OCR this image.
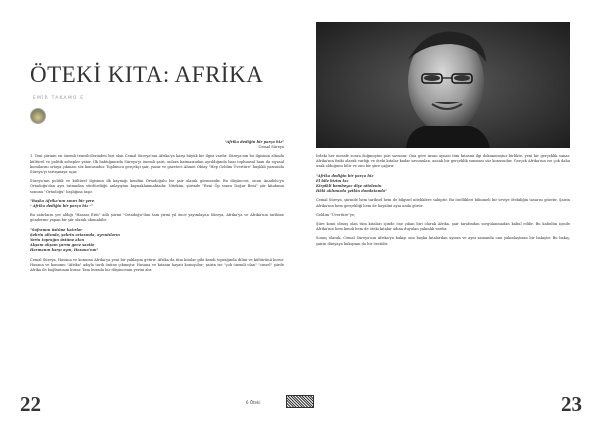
ÖTEKİ KITA: AFRİKA
EMİR TAKAMO E
"Afrika dediğin bir parça hiz"
Cemal Süreya

1. Yeni şiirinin en önemli temsilcilerinden biri olan Cemal Süreya'nın Afrika'ya karşı büyük bir ilgisi vardır. Süreya'nın bu ilgisinin altında kültürel ve politik sebepler yatar. İlk baktığımızda Süreya'yı önemli şairi, onlara katmasından ayrıldığında bazı toplumsal ham da siyasal konularını ortaya çıkması söz konusudur. Toplumcu gerçekçi şair, yazar ve gazeteci Ahmet Oktay "Hep Geldim Üvertüre" başlıklı yazısında Süreya'yı tartışmaya açar.

Süreya'nın politik ve kültürel ilgisinin ilk kaynağı kendini Ortadoğulu bir şair olarak görmesidir. Bu düşüncesi, onun Anadolu'yu Ortadoğu'dan ayrı tutmadan sürdürdüğü anlayıştan kaynaklanmaktadır. Nitekim, şiirinde "Beni Öp sonra Doğur Beni" şiir kitabının sonunu "Ortadoğu" başlığına taşır.

"Başka Afrika'nın sınırı bir yere
- Afrika dediğin bir parça hiz -"

Bu satırların yer aldığı "Hassas Etüt" adlı şiirini "Ortadoğu"dan tam yirmi yıl önce yayımlayan Süreya, Afrika'ya ve Afrika'nın tarihine gönderme yapan bir şiir olarak okunabilir.

"Soframın üstüne katırlar
Şehrin altında, şehrin ortasında, ayrıntıların
Yerin toprağın üstüne akın
Akşam akşam yarım gece saatte
Harmanın karşı ayın, Hasana'nın"

Cemal Süreya, Hasana ve konuma Afrika'ya yeni bir yaklaşım getirir. Afrika da tüm kıtalar gibi kendi toprağında dilini ve kültürünü korur. Hasana ve konumu "Afrika" adıyla tarih önüne çıkmıştır. Hasana ve kıtanın hayatı konuşulur; şairin ise "çok önemli olan" "cinsel" şiirde Afrika ile bağlantısını kurar. Tam burada bir düşüncenin yerini alır.

22

İrdeki her mesafe sonra doğmuştur şiiri savunur. Ona göre insan aynası tüm kıtasını ilgi dokunmuştur birlikte, yeni bir gerçeklik sunar. Afrika'nın fiziki olarak varlığı ve öteki kıtalar kadar savunulan, ancak bir gerçeklik sunması söz konusudur. Gerçek Afrika'nın ise çok daha uzak olduğunu bilir ve onu bir şiire çağırır.

"Afrika dediğin bir parça hiz
El bile bizim kız
Kirpikli bembeyaz diye nitelenin
Hâlâ aklımızda yetkin damlatanda"

Cemal Süreya, şiirinde hem tarihsel hem de bilgisel niteliklere sahiptir. Bu özellikleri bilinmeli bir seviye ötekiliğin tasarısı gözetir. Şairin Afrika'nın hem gerçekliği hem de hayalini aynı anda görür.

Geldim "Üvertüre"ye;

Şiire konu olmuş olan tüm kıtaları içinde öne çıkan biri olarak Afrika, şair tarafından sorgulanmadan kabul edilir. Bu kabulün içinde Afrika'nın hem kendi hem de öteki kıtalar adına duyulan yakınlık vardır.

Sonuç olarak, Cemal Süreya'nın Afrika'ya bakışı onu başka kıtalardan ayıran ve aynı zamanda onu yakınlaştıran bir bakıştır. Bu bakış, şairin dünyaya bakışının da bir özetidir.

23
6 Öteki
